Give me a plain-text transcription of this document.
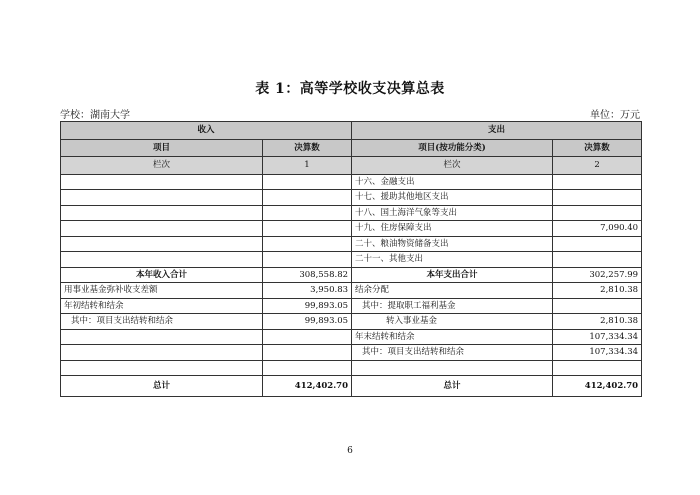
表 1：高等学校收支决算总表
学校：湖南大学	单位：万元
收入		支出	
项目	决算数	项目(按功能分类)	决算数
栏次	1	栏次	2
		十六、金融支出	
		十七、援助其他地区支出	
		十八、国土海洋气象等支出	
		十九、住房保障支出	7,090.40
		二十、粮油物资储备支出	
		二十一、其他支出	
本年收入合计	308,558.82	本年支出合计	302,257.99
用事业基金弥补收支差额	3,950.83	结余分配	2,810.38
年初结转和结余	99,893.05	其中：提取职工福利基金	
其中：项目支出结转和结余	99,893.05	转入事业基金	2,810.38
		年末结转和结余	107,334.34
		其中：项目支出结转和结余	107,334.34

总计	412,402.70	总计	412,402.70
6
